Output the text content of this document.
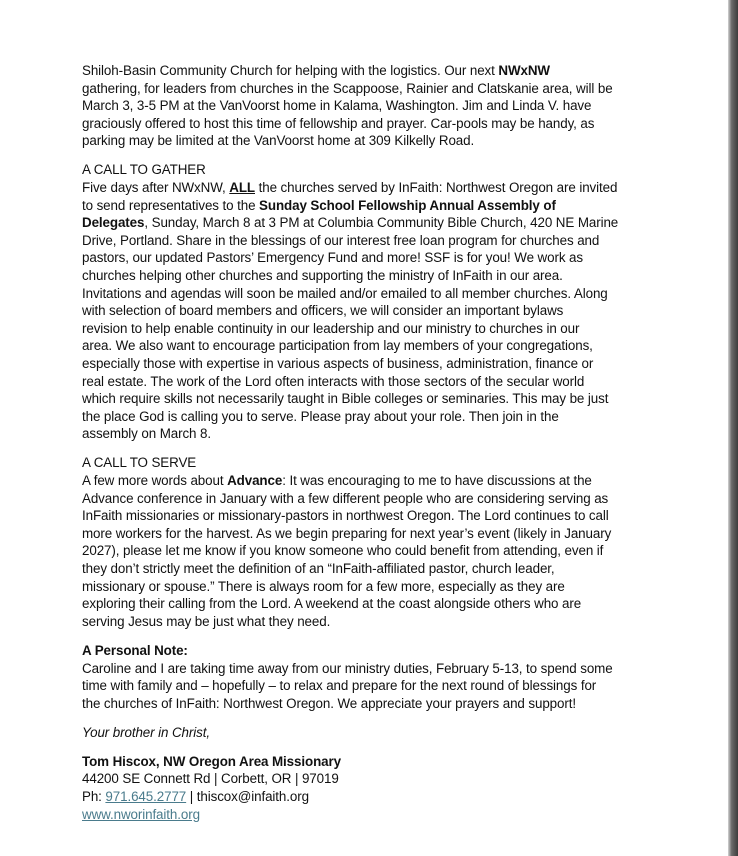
Shiloh-Basin Community Church for helping with the logistics. Our next NWxNW
gathering, for leaders from churches in the Scappoose, Rainier and Clatskanie area, will be
March 3, 3-5 PM at the VanVoorst home in Kalama, Washington. Jim and Linda V. have
graciously offered to host this time of fellowship and prayer. Car-pools may be handy, as
parking may be limited at the VanVoorst home at 309 Kilkelly Road.

A CALL TO GATHER
Five days after NWxNW, ALL the churches served by InFaith: Northwest Oregon are invited
to send representatives to the Sunday School Fellowship Annual Assembly of
Delegates, Sunday, March 8 at 3 PM at Columbia Community Bible Church, 420 NE Marine
Drive, Portland. Share in the blessings of our interest free loan program for churches and
pastors, our updated Pastors’ Emergency Fund and more! SSF is for you! We work as
churches helping other churches and supporting the ministry of InFaith in our area.
Invitations and agendas will soon be mailed and/or emailed to all member churches. Along
with selection of board members and officers, we will consider an important bylaws
revision to help enable continuity in our leadership and our ministry to churches in our
area. We also want to encourage participation from lay members of your congregations,
especially those with expertise in various aspects of business, administration, finance or
real estate. The work of the Lord often interacts with those sectors of the secular world
which require skills not necessarily taught in Bible colleges or seminaries. This may be just
the place God is calling you to serve. Please pray about your role. Then join in the
assembly on March 8.

A CALL TO SERVE
A few more words about Advance: It was encouraging to me to have discussions at the
Advance conference in January with a few different people who are considering serving as
InFaith missionaries or missionary-pastors in northwest Oregon. The Lord continues to call
more workers for the harvest. As we begin preparing for next year’s event (likely in January
2027), please let me know if you know someone who could benefit from attending, even if
they don’t strictly meet the definition of an “InFaith-affiliated pastor, church leader,
missionary or spouse.” There is always room for a few more, especially as they are
exploring their calling from the Lord. A weekend at the coast alongside others who are
serving Jesus may be just what they need.

A Personal Note:
Caroline and I are taking time away from our ministry duties, February 5-13, to spend some
time with family and – hopefully – to relax and prepare for the next round of blessings for
the churches of InFaith: Northwest Oregon. We appreciate your prayers and support!

Your brother in Christ,

Tom Hiscox, NW Oregon Area Missionary

44200 SE Connett Rd | Corbett, OR | 97019

Ph: 971.645.2777 | thiscox@infaith.org

www.nworinfaith.org
